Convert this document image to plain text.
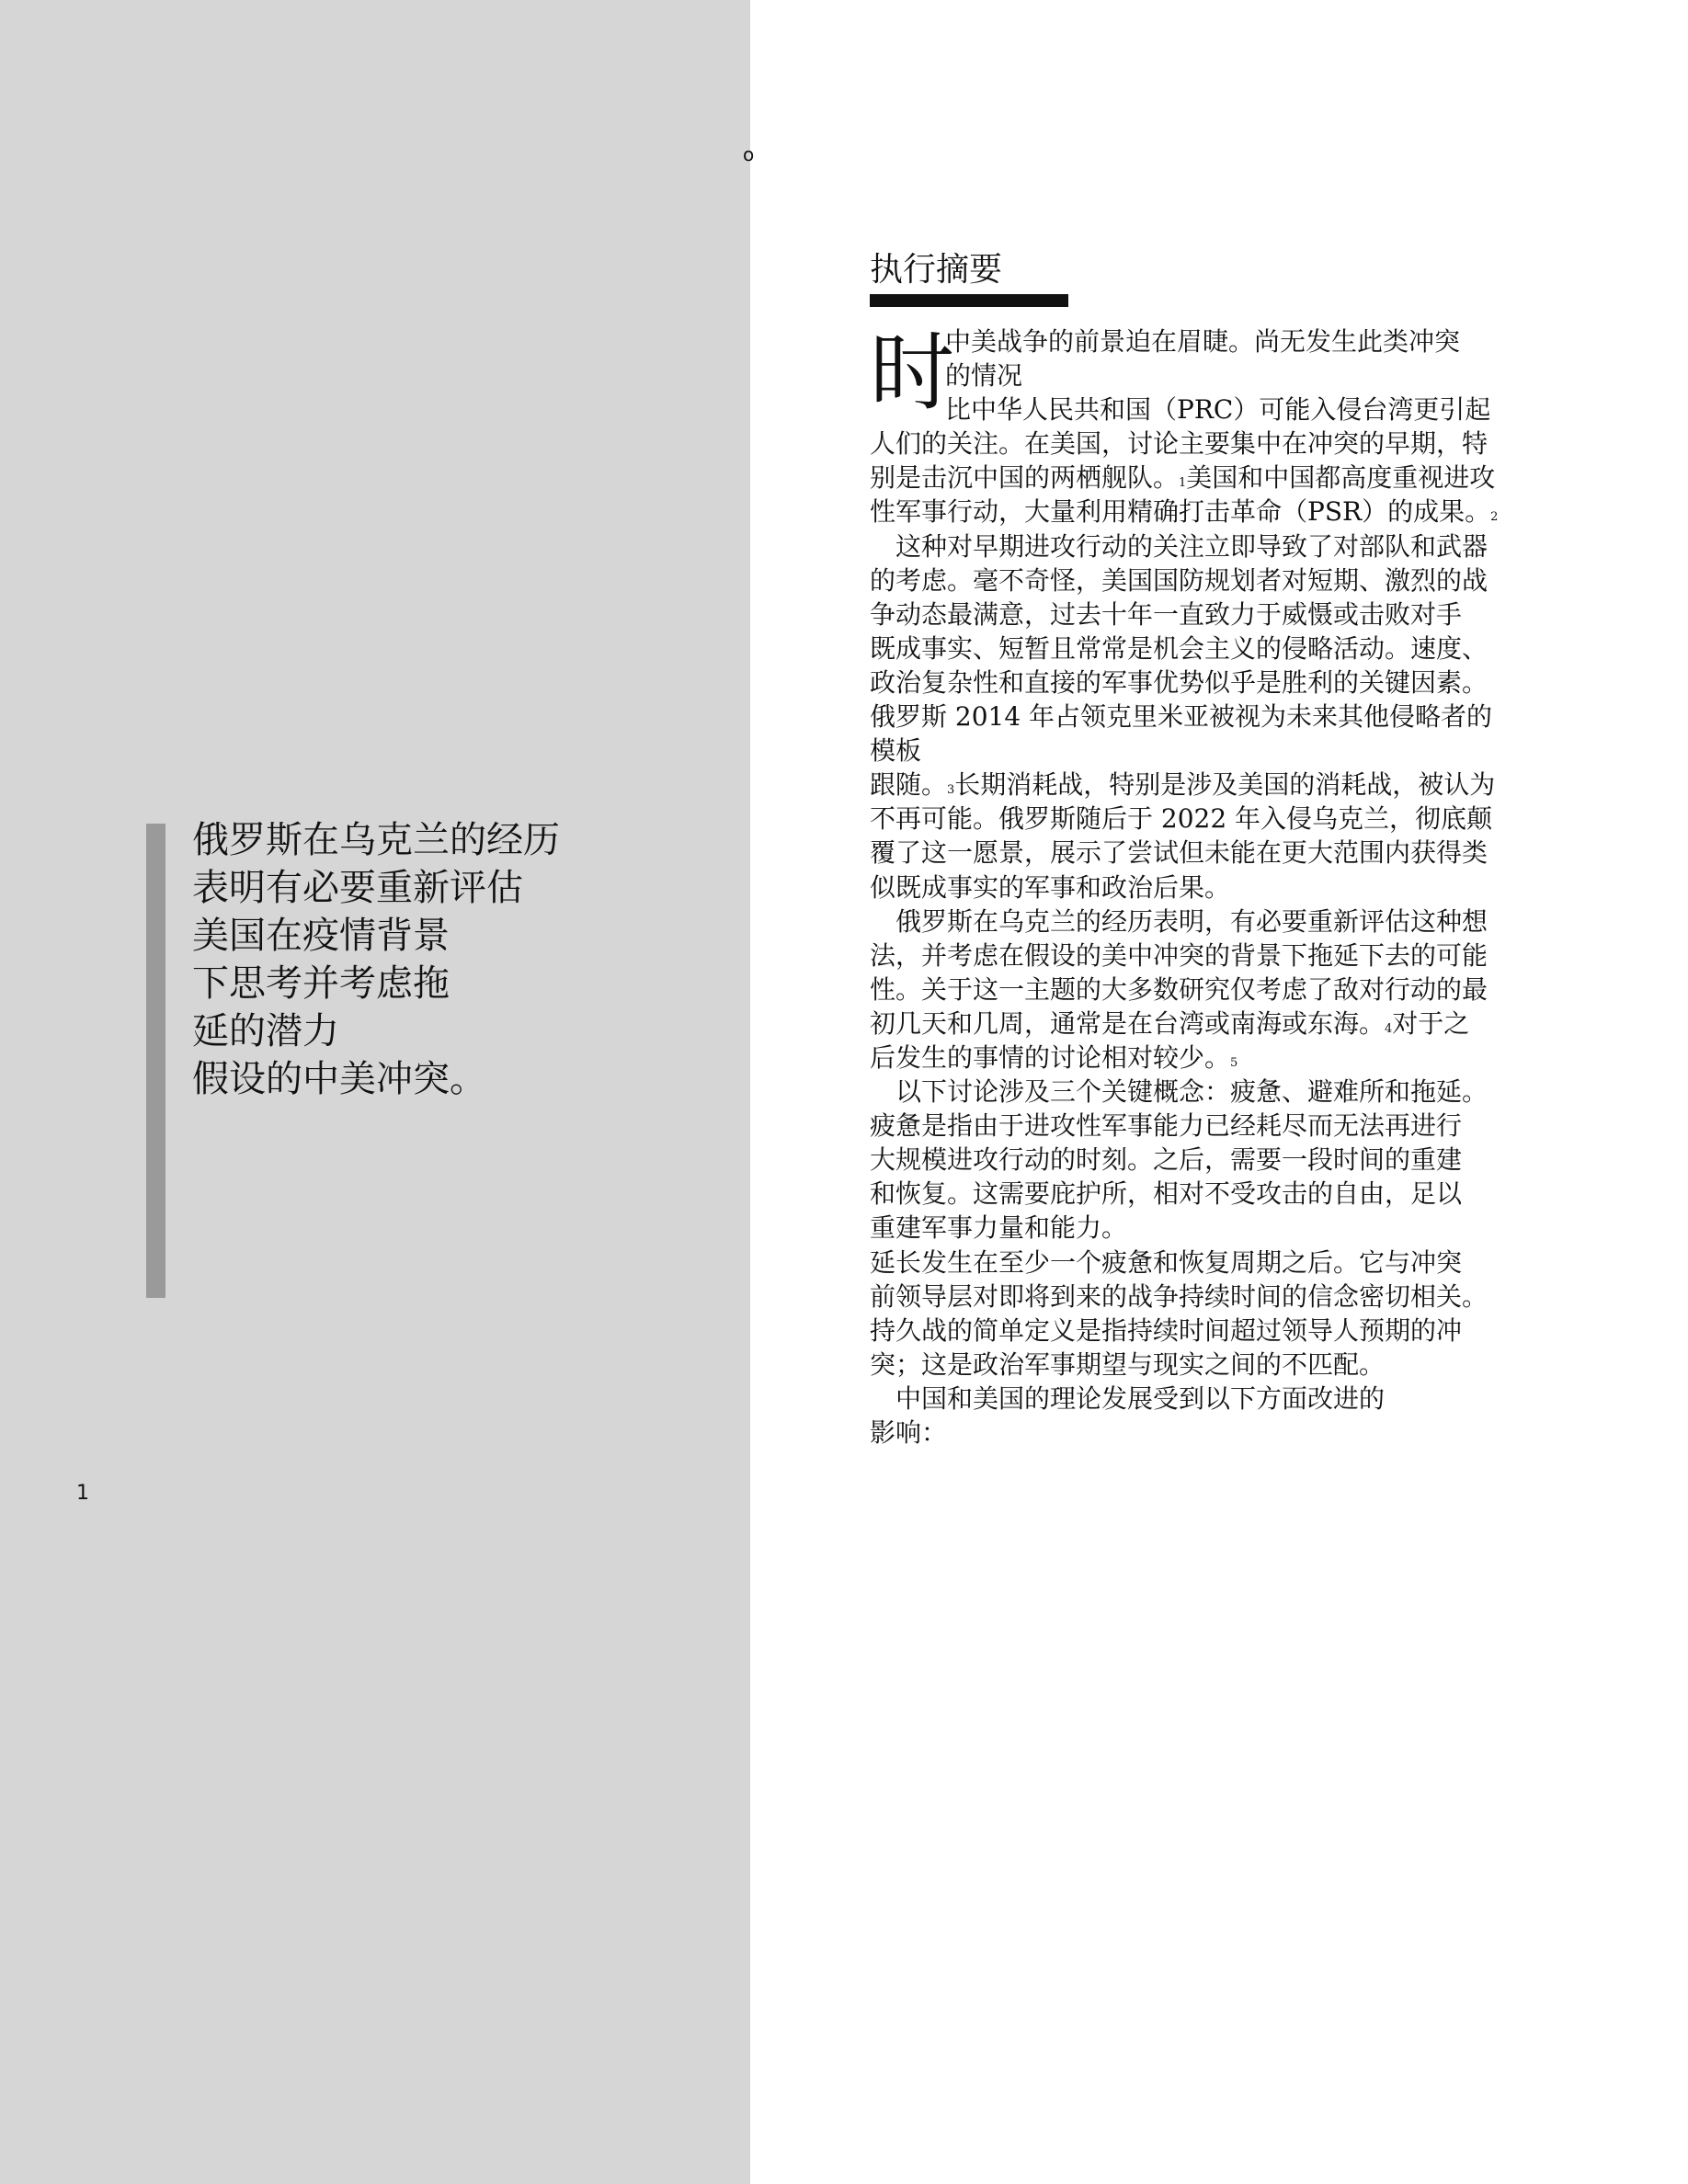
俄罗斯在乌克兰的经历
表明有必要重新评估
美国在疫情背景
下思考并考虑拖
延的潜力
假设的中美冲突。
1
o
执行摘要
时
中美战争的前景迫在眉睫。尚无发生此类冲突
的情况
比中华人民共和国（PRC）可能入侵台湾更引起
人们的关注。在美国，讨论主要集中在冲突的早期，特
别是击沉中国的两栖舰队。1美国和中国都高度重视进攻
性军事行动，大量利用精确打击革命（PSR）的成果。2
这种对早期进攻行动的关注立即导致了对部队和武器
的考虑。毫不奇怪，美国国防规划者对短期、激烈的战
争动态最满意，过去十年一直致力于威慑或击败对手
既成事实、短暂且常常是机会主义的侵略活动。速度、
政治复杂性和直接的军事优势似乎是胜利的关键因素。
俄罗斯 2014 年占领克里米亚被视为未来其他侵略者的
模板
跟随。3长期消耗战，特别是涉及美国的消耗战，被认为
不再可能。俄罗斯随后于 2022 年入侵乌克兰，彻底颠
覆了这一愿景，展示了尝试但未能在更大范围内获得类
似既成事实的军事和政治后果。
俄罗斯在乌克兰的经历表明，有必要重新评估这种想
法，并考虑在假设的美中冲突的背景下拖延下去的可能
性。关于这一主题的大多数研究仅考虑了敌对行动的最
初几天和几周，通常是在台湾或南海或东海。4对于之
后发生的事情的讨论相对较少。5
以下讨论涉及三个关键概念：疲惫、避难所和拖延。
疲惫是指由于进攻性军事能力已经耗尽而无法再进行
大规模进攻行动的时刻。之后，需要一段时间的重建
和恢复。这需要庇护所，相对不受攻击的自由，足以
重建军事力量和能力。
延长发生在至少一个疲惫和恢复周期之后。它与冲突
前领导层对即将到来的战争持续时间的信念密切相关。
持久战的简单定义是指持续时间超过领导人预期的冲
突；这是政治军事期望与现实之间的不匹配。
中国和美国的理论发展受到以下方面改进的
影响：
